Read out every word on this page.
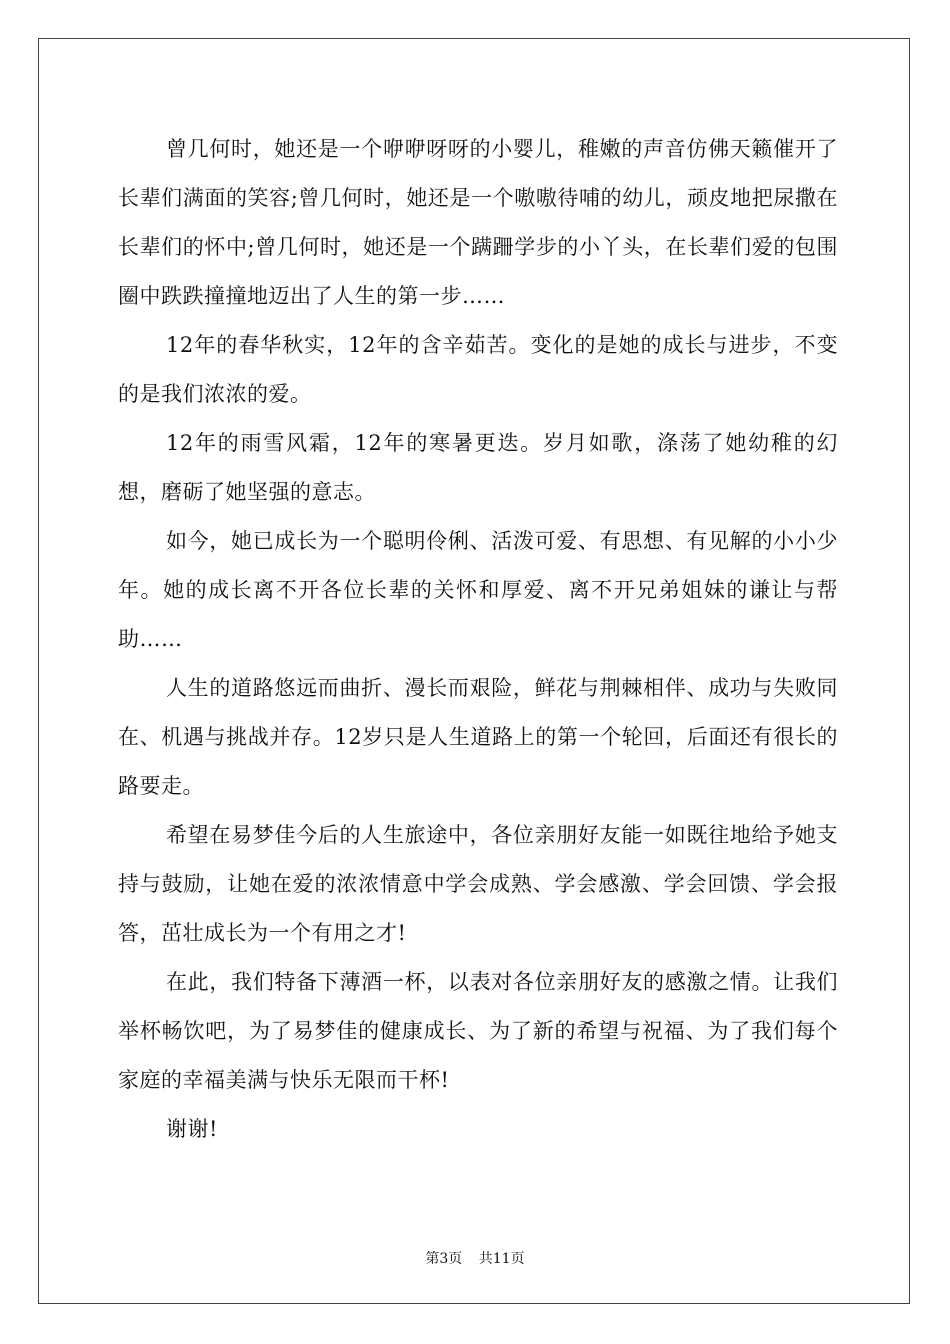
曾几何时，她还是一个咿咿呀呀的小婴儿，稚嫩的声音仿佛天籁催开了长辈们满面的笑容;曾几何时，她还是一个嗷嗷待哺的幼儿，顽皮地把尿撒在长辈们的怀中;曾几何时，她还是一个蹒跚学步的小丫头，在长辈们爱的包围圈中跌跌撞撞地迈出了人生的第一步……

12年的春华秋实，12年的含辛茹苦。变化的是她的成长与进步，不变的是我们浓浓的爱。

12年的雨雪风霜，12年的寒暑更迭。岁月如歌，涤荡了她幼稚的幻想，磨砺了她坚强的意志。

如今，她已成长为一个聪明伶俐、活泼可爱、有思想、有见解的小小少年。她的成长离不开各位长辈的关怀和厚爱、离不开兄弟姐妹的谦让与帮助……

人生的道路悠远而曲折、漫长而艰险，鲜花与荆棘相伴、成功与失败同在、机遇与挑战并存。12岁只是人生道路上的第一个轮回，后面还有很长的路要走。

希望在易梦佳今后的人生旅途中，各位亲朋好友能一如既往地给予她支持与鼓励，让她在爱的浓浓情意中学会成熟、学会感激、学会回馈、学会报答，茁壮成长为一个有用之才!

在此，我们特备下薄酒一杯，以表对各位亲朋好友的感激之情。让我们举杯畅饮吧，为了易梦佳的健康成长、为了新的希望与祝福、为了我们每个家庭的幸福美满与快乐无限而干杯!

谢谢!

第3页 共11页
